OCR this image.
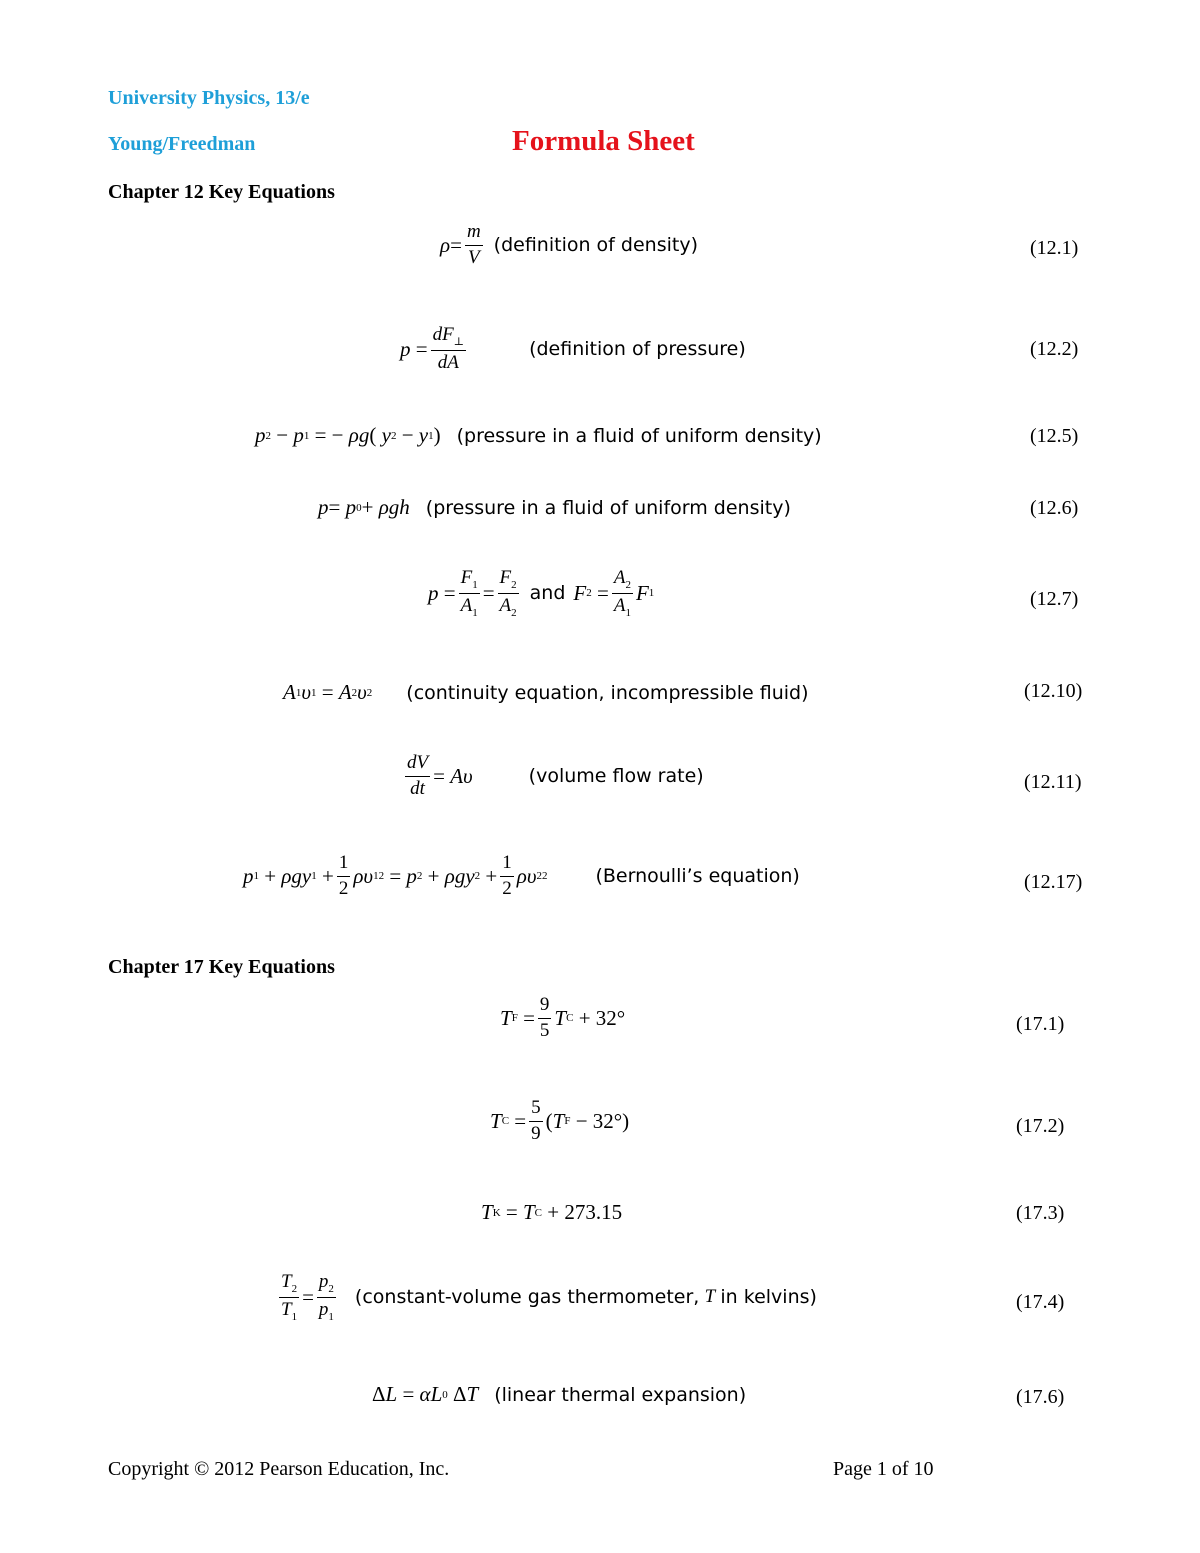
University Physics, 13/e
Young/Freedman	Formula Sheet
Chapter 12 Key Equations
$\rho = \frac{m}{V}$ (definition of density)	(12.1)
$p = \frac{dF_\perp}{dA}$	(definition of pressure)	(12.2)
p 2 − p 1 = − ρg ( y 2 − y 1 ) (pressure in a fluid of uniform density)	(12.5)
p = p 0 + ρgh (pressure in a fluid of uniform density)	(12.6)
$p = \frac{F_1}{A_1} = \frac{F_2}{A_2}$ and F $2 = \frac{A_2}{A_1}$ F 1	(12.7)
A 1 υ 1 = A 2 υ 2 (continuity equation, incompressible fluid)	(12.10)
$\frac{dV}{dt} = A\upsilon$	(volume flow rate)	(12.11)
p 1 + ρgy $1 + \frac{1}{2}$ ρυ 1 2 = p 2 + ρgy $2 + \frac{1}{2}$ ρυ 2 2	(Bernoulli’s equation)	(12.17)
Chapter 17 Key Equations
T $F = \frac{9}{5}$ T C + 32°	(17.1)
T $C = \frac{5}{9}$ ( T F − 32°)	(17.2)
T K = T C + 273.15	(17.3)
$\frac{T_2}{T_1} = \frac{p_2}{p_1}$ (constant-volume gas thermometer,
T
in kelvins)	(17.4)
Δ L = αL 0 Δ T (linear thermal expansion)	(17.6)
Copyright © 2012 Pearson Education, Inc.	Page 1 of 10
